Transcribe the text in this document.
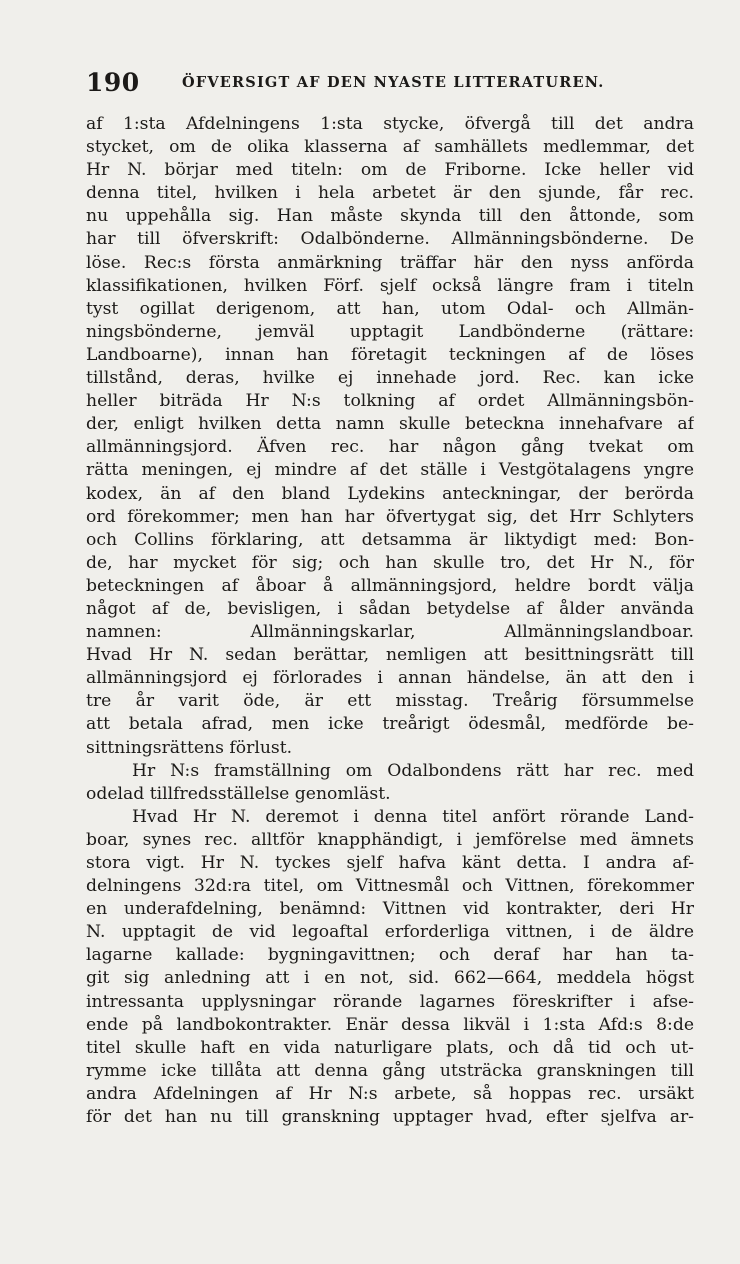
190	ÖFVERSIGT AF DEN NYASTE LITTERATUREN.
af 1:sta Afdelningens 1:sta stycke, öfvergå till det andra
stycket, om de olika klasserna af samhällets medlemmar, det
Hr N. börjar med titeln: om de Friborne. Icke heller vid
denna titel, hvilken i hela arbetet är den sjunde, får rec.
nu uppehålla sig. Han måste skynda till den åttonde, som
har till öfverskrift: Odalbönderne. Allmänningsbönderne. De
löse. Rec:s första anmärkning träffar här den nyss anförda
klassifikationen, hvilken Förf. sjelf också längre fram i titeln
tyst ogillat derigenom, att han, utom Odal- och Allmän-
ningsbönderne, jemväl upptagit Landbönderne (rättare:
Landboarne), innan han företagit teckningen af de löses
tillstånd, deras, hvilke ej innehade jord. Rec. kan icke
heller biträda Hr N:s tolkning af ordet Allmänningsbön-
der, enligt hvilken detta namn skulle beteckna innehafvare af
allmänningsjord. Äfven rec. har någon gång tvekat om
rätta meningen, ej mindre af det ställe i Vestgötalagens yngre
kodex, än af den bland Lydekins anteckningar, der berörda
ord förekommer; men han har öfvertygat sig, det Hrr Schlyters
och Collins förklaring, att detsamma är liktydigt med: Bon-
de, har mycket för sig; och han skulle tro, det Hr N., för
beteckningen af åboar å allmänningsjord, heldre bordt välja
något af de, bevisligen, i sådan betydelse af ålder använda
namnen: Allmänningskarlar, Allmänningslandboar.
Hvad Hr N. sedan berättar, nemligen att besittningsrätt till
allmänningsjord ej förlorades i annan händelse, än att den i
tre år varit öde, är ett misstag. Treårig försummelse
att betala afrad, men icke treårigt ödesmål, medförde be-
sittningsrättens förlust.
Hr N:s framställning om Odalbondens rätt har rec. med
odelad tillfredsställelse genomläst.
Hvad Hr N. deremot i denna titel anfört rörande Land-
boar, synes rec. alltför knapphändigt, i jemförelse med ämnets
stora vigt. Hr N. tyckes sjelf hafva känt detta. I andra af-
delningens 32d:ra titel, om Vittnesmål och Vittnen, förekommer
en underafdelning, benämnd: Vittnen vid kontrakter, deri Hr
N. upptagit de vid legoaftal erforderliga vittnen, i de äldre
lagarne kallade: bygningavittnen; och deraf har han ta-
git sig anledning att i en not, sid. 662—664, meddela högst
intressanta upplysningar rörande lagarnes föreskrifter i afse-
ende på landbokontrakter. Enär dessa likväl i 1:sta Afd:s 8:de
titel skulle haft en vida naturligare plats, och då tid och ut-
rymme icke tillåta att denna gång utsträcka granskningen till
andra Afdelningen af Hr N:s arbete, så hoppas rec. ursäkt
för det han nu till granskning upptager hvad, efter sjelfva ar-
